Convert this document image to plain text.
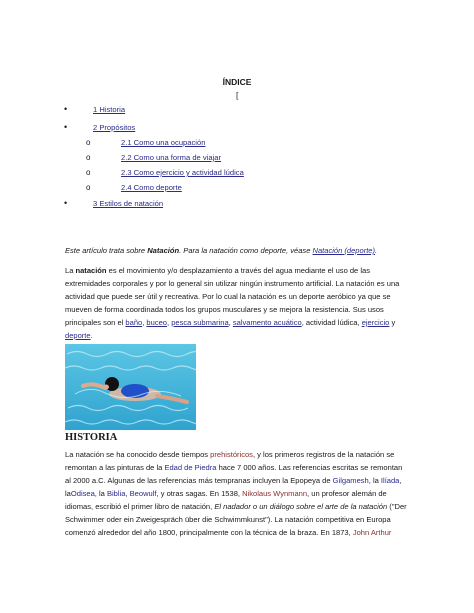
ÍNDICE
[
•	1 Historia
•	2 Propósitos
o	2.1 Como una ocupación
o	2.2 Como una forma de viajar
o	2.3 Como ejercicio y actividad lúdica
o	2.4 Como deporte
•	3 Estilos de natación
Este artículo trata sobre Natación. Para la natación como deporte, véase Natación (deporte).

La natación es el movimiento y/o desplazamiento a través del agua mediante el uso de las extremidades corporales y por lo general sin utilizar ningún instrumento artificial. La natación es una actividad que puede ser útil y recreativa. Por lo cual la natación es un deporte aeróbico ya que se mueven de forma coordinada todos los grupos musculares y se mejora la resistencia. Sus usos principales son el baño, buceo, pesca submarina, salvamento acuático, actividad lúdica, ejercicio y deporte.

HISTORIA

La natación se ha conocido desde tiempos prehistóricos, y los primeros registros de la natación se remontan a las pinturas de la Edad de Piedra hace 7 000 años. Las referencias escritas se remontan al 2000 a.C. Algunas de las referencias más tempranas incluyen la Epopeya de Gilgamesh, la Ilíada, laOdisea, la Biblia, Beowulf, y otras sagas. En 1538, Nikolaus Wynmann, un profesor alemán de idiomas, escribió el primer libro de natación, El nadador o un diálogo sobre el arte de la natación ("Der Schwimmer oder ein Zweigespräch über die Schwimmkunst"). La natación competitiva en Europa comenzó alrededor del año 1800, principalmente con la técnica de la braza. En 1873, John Arthur
